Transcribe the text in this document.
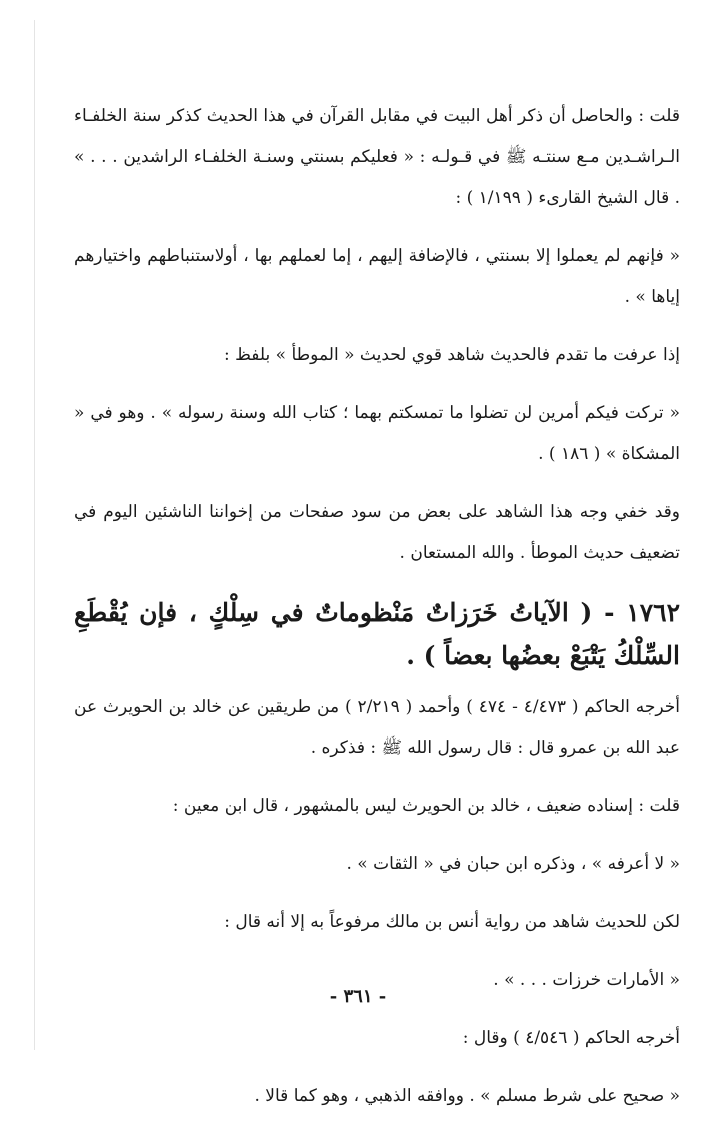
قلت : والحاصل أن ذكر أهل البيت في مقابل القرآن في هذا الحديث كذكر سنة الخلفـاء الـراشـدين مـع سنتـه ﷺ في قـولـه : « فعليكم بسنتي وسنـة الخلفـاء الراشدين . . . » . قال الشيخ القارىء ( ١/١٩٩ ) :

« فإنهم لم يعملوا إلا بسنتي ، فالإضافة إليهم ، إما لعملهم بها ، أولاستنباطهم واختيارهم إياها » .

إذا عرفت ما تقدم فالحديث شاهد قوي لحديث « الموطأ » بلفظ :

« تركت فيكم أمرين لن تضلوا ما تمسكتم بهما ؛ كتاب الله وسنة رسوله » . وهو في « المشكاة » ( ١٨٦ ) .

وقد خفي وجه هذا الشاهد على بعض من سود صفحات من إخواننا الناشئين اليوم في تضعيف حديث الموطأ . والله المستعان .

١٧٦٢ - ( الآياتُ خَرَزاتٌ مَنْظوماتٌ في سِلْكٍ ، فإن يُقْطَعِ السِّلْكُ يَتْبَعْ بعضُها بعضاً ) .

أخرجه الحاكم ( ٤/٤٧٣ - ٤٧٤ ) وأحمد ( ٢/٢١٩ ) من طريقين عن خالد بن الحويرث عن عبد الله بن عمرو قال : قال رسول الله ﷺ : فذكره .

قلت : إسناده ضعيف ، خالد بن الحويرث ليس بالمشهور ، قال ابن معين :

« لا أعرفه » ، وذكره ابن حبان في « الثقات » .

لكن للحديث شاهد من رواية أنس بن مالك مرفوعاً به إلا أنه قال :

« الأمارات خرزات . . . » .

أخرجه الحاكم ( ٤/٥٤٦ ) وقال :

« صحيح على شرط مسلم » . ووافقه الذهبي ، وهو كما قالا .

- ٣٦١ -
